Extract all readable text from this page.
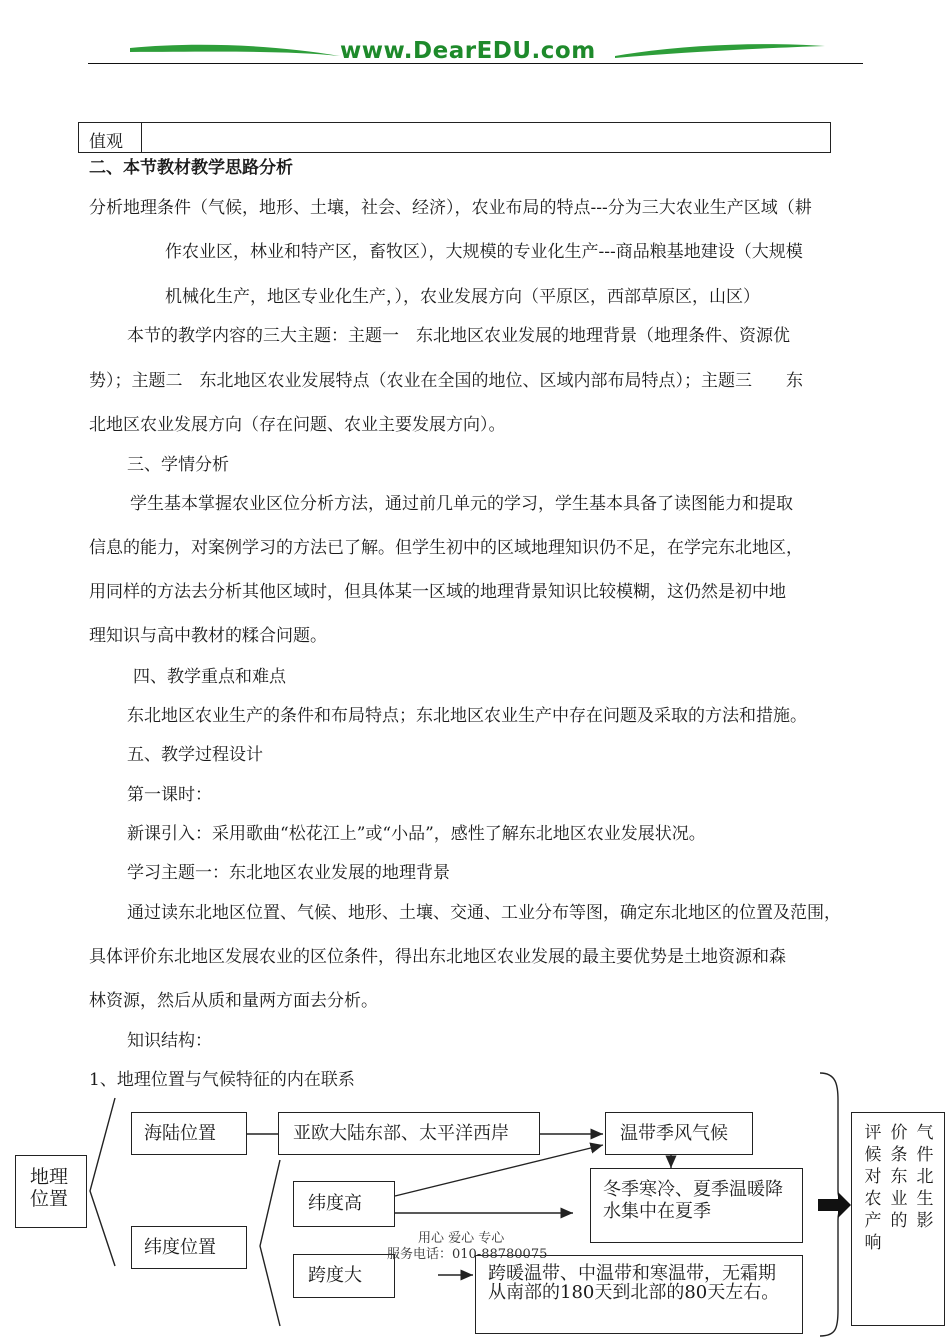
www.DearEDU.com
值观
二、本节教材教学思路分析
分析地理条件（气候，地形、土壤，社会、经济），农业布局的特点---分为三大农业生产区域（耕
作农业区，林业和特产区，畜牧区），大规模的专业化生产---商品粮基地建设（大规模
机械化生产，地区专业化生产，），农业发展方向（平原区，西部草原区，山区）
本节的教学内容的三大主题：主题一　东北地区农业发展的地理背景（地理条件、资源优
势）；主题二　东北地区农业发展特点（农业在全国的地位、区域内部布局特点）；主题三　　东
北地区农业发展方向（存在问题、农业主要发展方向）。
三、学情分析
学生基本掌握农业区位分析方法，通过前几单元的学习，学生基本具备了读图能力和提取
信息的能力，对案例学习的方法已了解。但学生初中的区域地理知识仍不足，在学完东北地区，
用同样的方法去分析其他区域时，但具体某一区域的地理背景知识比较模糊，这仍然是初中地
理知识与高中教材的糅合问题。
四、教学重点和难点
东北地区农业生产的条件和布局特点；东北地区农业生产中存在问题及采取的方法和措施。
五、教学过程设计
第一课时：
新课引入：采用歌曲“松花江上”或“小品”，感性了解东北地区农业发展状况。
学习主题一：东北地区农业发展的地理背景
通过读东北地区位置、气候、地形、土壤、交通、工业分布等图，确定东北地区的位置及范围，
具体评价东北地区发展农业的区位条件，得出东北地区农业发展的最主要优势是土地资源和森
林资源，然后从质和量两方面去分析。
知识结构：
1、地理位置与气候特征的内在联系
地理位置
海陆位置
纬度位置
亚欧大陆东部、太平洋西岸	温带季风气候
冬季寒冷、夏季温暖降水集中在夏季
纬度高
跨度大	跨暖温带、中温带和寒温带，无霜期从南部的180天到北部的80天左右。
评候对农产响
价条东业的
气件北生影
用心 爱心 专心
服务电话：010-88780075
